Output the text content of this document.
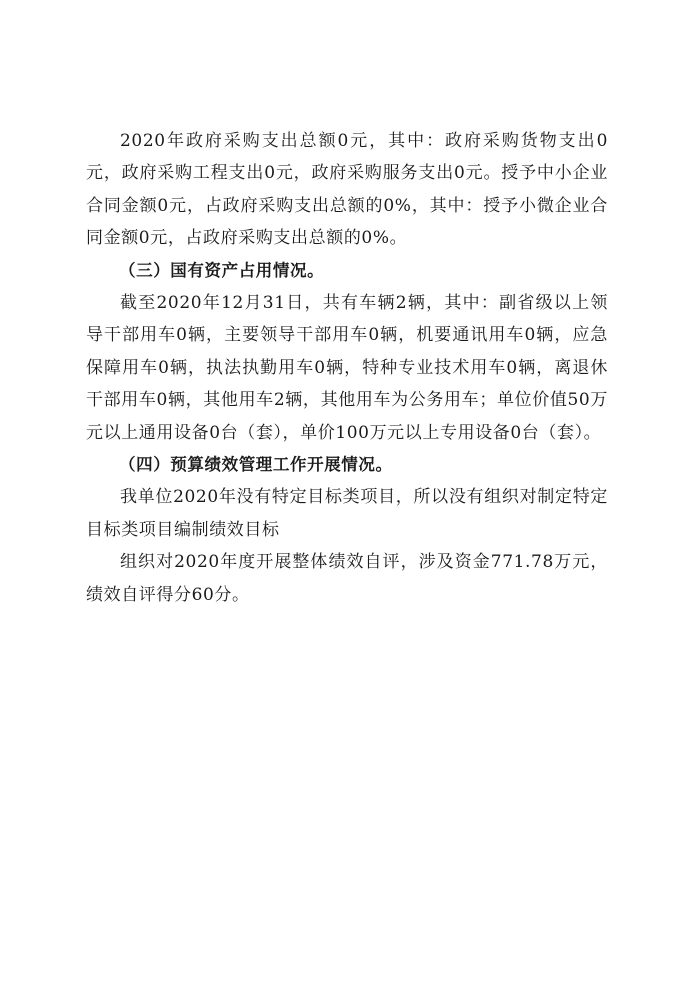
2020年政府采购支出总额0元，其中：政府采购货物支出0元，政府采购工程支出0元，政府采购服务支出0元。授予中小企业合同金额0元，占政府采购支出总额的0%，其中：授予小微企业合同金额0元，占政府采购支出总额的0%。

（三）国有资产占用情况。

截至2020年12月31日，共有车辆2辆，其中：副省级以上领导干部用车0辆，主要领导干部用车0辆，机要通讯用车0辆，应急保障用车0辆，执法执勤用车0辆，特种专业技术用车0辆，离退休干部用车0辆，其他用车2辆，其他用车为公务用车；单位价值50万元以上通用设备0台（套），单价100万元以上专用设备0台（套）。

（四）预算绩效管理工作开展情况。

我单位2020年没有特定目标类项目，所以没有组织对制定特定目标类项目编制绩效目标

组织对2020年度开展整体绩效自评，涉及资金771.78万元，绩效自评得分60分。
